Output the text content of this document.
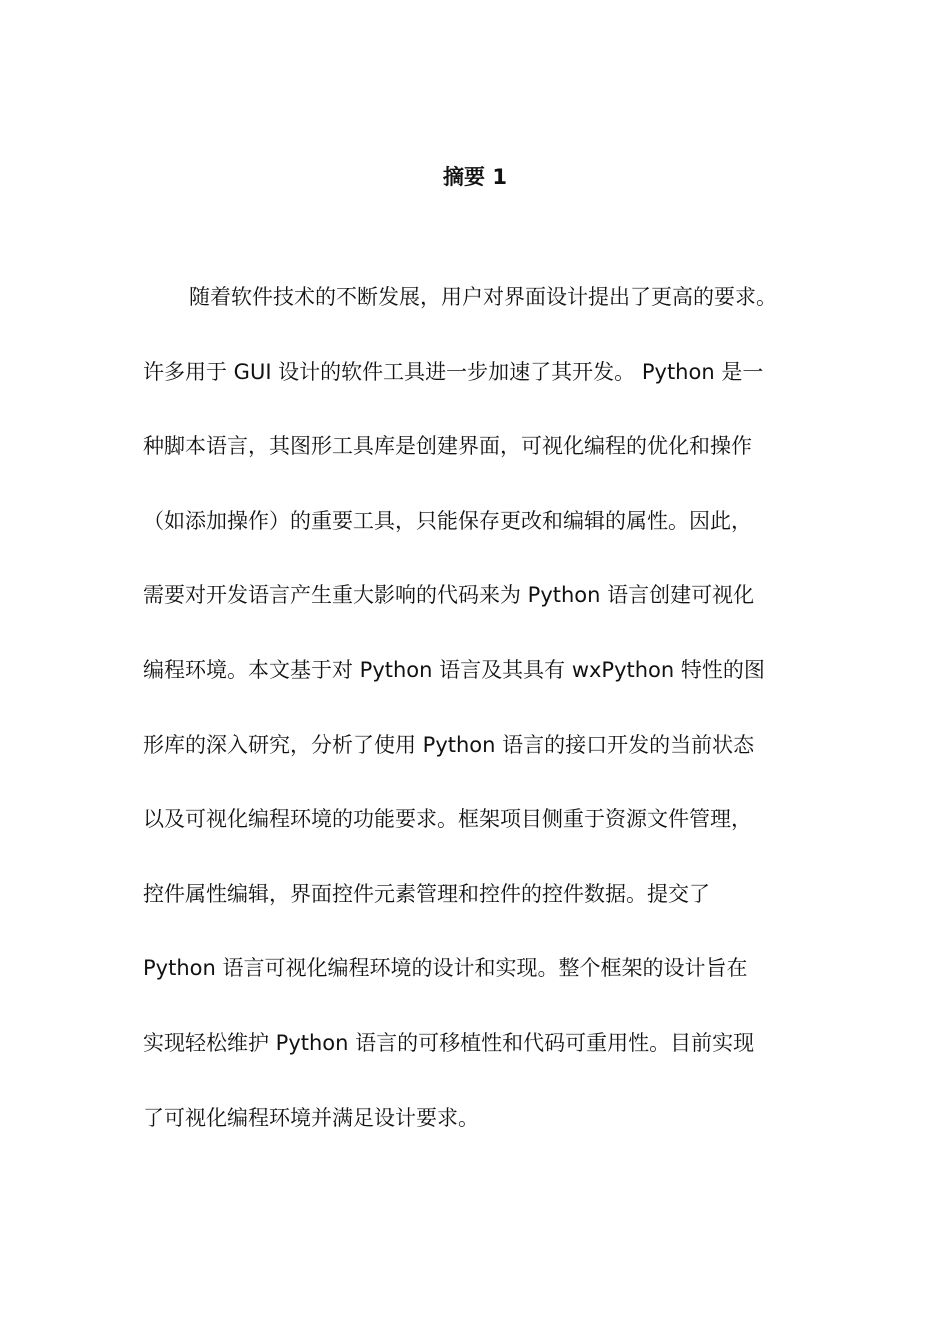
摘要 1
随着软件技术的不断发展，用户对界面设计提出了更高的要求。
许多用于 GUI 设计的软件工具进一步加速了其开发。 Python 是一
种脚本语言，其图形工具库是创建界面，可视化编程的优化和操作
（如添加操作）的重要工具，只能保存更改和编辑的属性。因此，
需要对开发语言产生重大影响的代码来为 Python 语言创建可视化
编程环境。本文基于对 Python 语言及其具有 wxPython 特性的图
形库的深入研究，分析了使用 Python 语言的接口开发的当前状态
以及可视化编程环境的功能要求。框架项目侧重于资源文件管理，
控件属性编辑，界面控件元素管理和控件的控件数据。提交了
Python 语言可视化编程环境的设计和实现。整个框架的设计旨在
实现轻松维护 Python 语言的可移植性和代码可重用性。目前实现
了可视化编程环境并满足设计要求。
